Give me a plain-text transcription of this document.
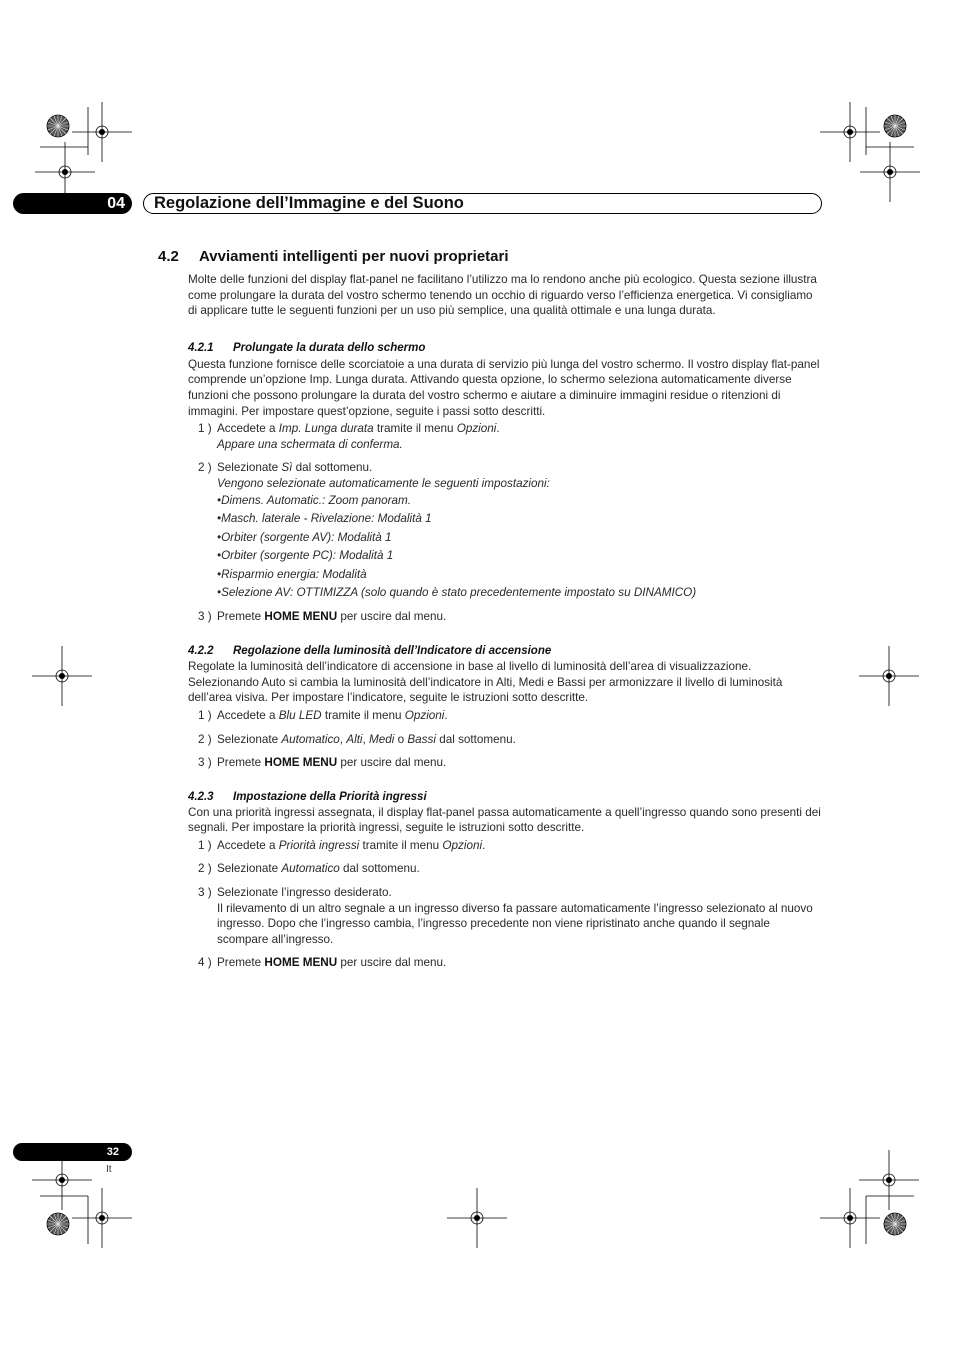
04	Regolazione dell’Immagine e del Suono
4.2 Avviamenti intelligenti per nuovi proprietari

Molte delle funzioni del display flat-panel ne facilitano l’utilizzo ma lo rendono anche più ecologico. Questa sezione illustra come prolungare la durata del vostro schermo tenendo un occhio di riguardo verso l’efficienza energetica. Vi consigliamo di applicare tutte le seguenti funzioni per un uso più semplice, una qualità ottimale e una lunga durata.

4.2.1 Prolungate la durata dello schermo

Questa funzione fornisce delle scorciatoie a una durata di servizio più lunga del vostro schermo. Il vostro display flat-panel comprende un’opzione Imp. Lunga durata. Attivando questa opzione, lo schermo seleziona automaticamente diverse funzioni che possono prolungare la durata del vostro schermo e aiutare a diminuire immagini residue o ritenzioni di immagini. Per impostare quest’opzione, seguite i passi sotto descritti.

1 ) Accedete a Imp. Lunga durata tramite il menu Opzioni.
Appare una schermata di conferma.
2 ) Selezionate Sì dal sottomenu.
Vengono selezionate automaticamente le seguenti impostazioni:
•Dimens. Automatic.: Zoom panoram.
•Masch. laterale - Rivelazione: Modalità 1
•Orbiter (sorgente AV): Modalità 1
•Orbiter (sorgente PC): Modalità 1
•Risparmio energia: Modalità
•Selezione AV: OTTIMIZZA (solo quando è stato precedentemente impostato su DINAMICO)
3 ) Premete HOME MENU per uscire dal menu.

4.2.2 Regolazione della luminosità dell’Indicatore di accensione

Regolate la luminosità dell’indicatore di accensione in base al livello di luminosità dell’area di visualizzazione. Selezionando Auto si cambia la luminosità dell’indicatore in Alti, Medi e Bassi per armonizzare il livello di luminosità dell’area visiva. Per impostare l’indicatore, seguite le istruzioni sotto descritte.

1 ) Accedete a Blu LED tramite il menu Opzioni.
2 ) Selezionate Automatico, Alti, Medi o Bassi dal sottomenu.
3 ) Premete HOME MENU per uscire dal menu.

4.2.3 Impostazione della Priorità ingressi

Con una priorità ingressi assegnata, il display flat-panel passa automaticamente a quell’ingresso quando sono presenti dei segnali. Per impostare la priorità ingressi, seguite le istruzioni sotto descritte.

1 ) Accedete a Priorità ingressi tramite il menu Opzioni.
2 ) Selezionate Automatico dal sottomenu.
3 ) Selezionate l’ingresso desiderato.
Il rilevamento di un altro segnale a un ingresso diverso fa passare automaticamente l’ingresso selezionato al nuovo ingresso. Dopo che l’ingresso cambia, l’ingresso precedente non viene ripristinato anche quando il segnale scompare all’ingresso.
4 ) Premete HOME MENU per uscire dal menu.
32
It
